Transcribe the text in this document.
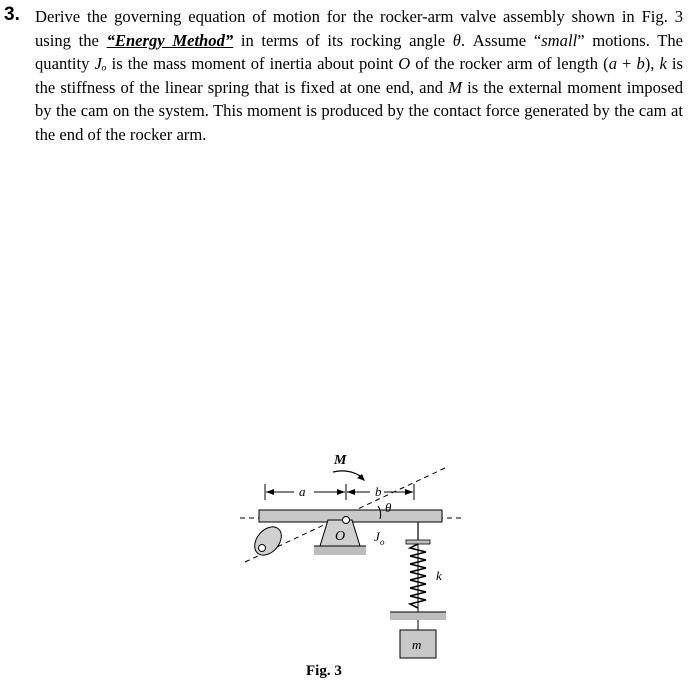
3. Derive the governing equation of motion for the rocker-arm valve assembly shown in Fig. 3 using the “Energy Method” in terms of its rocking angle θ. Assume “small” motions. The quantity Jₒ is the mass moment of inertia about point O of the rocker arm of length (a + b), k is the stiffness of the linear spring that is fixed at one end, and M is the external moment imposed by the cam on the system. This moment is produced by the contact force generated by the cam at the end of the rocker arm.
M
a	b
θ
O J o
k
m
Fig. 3
